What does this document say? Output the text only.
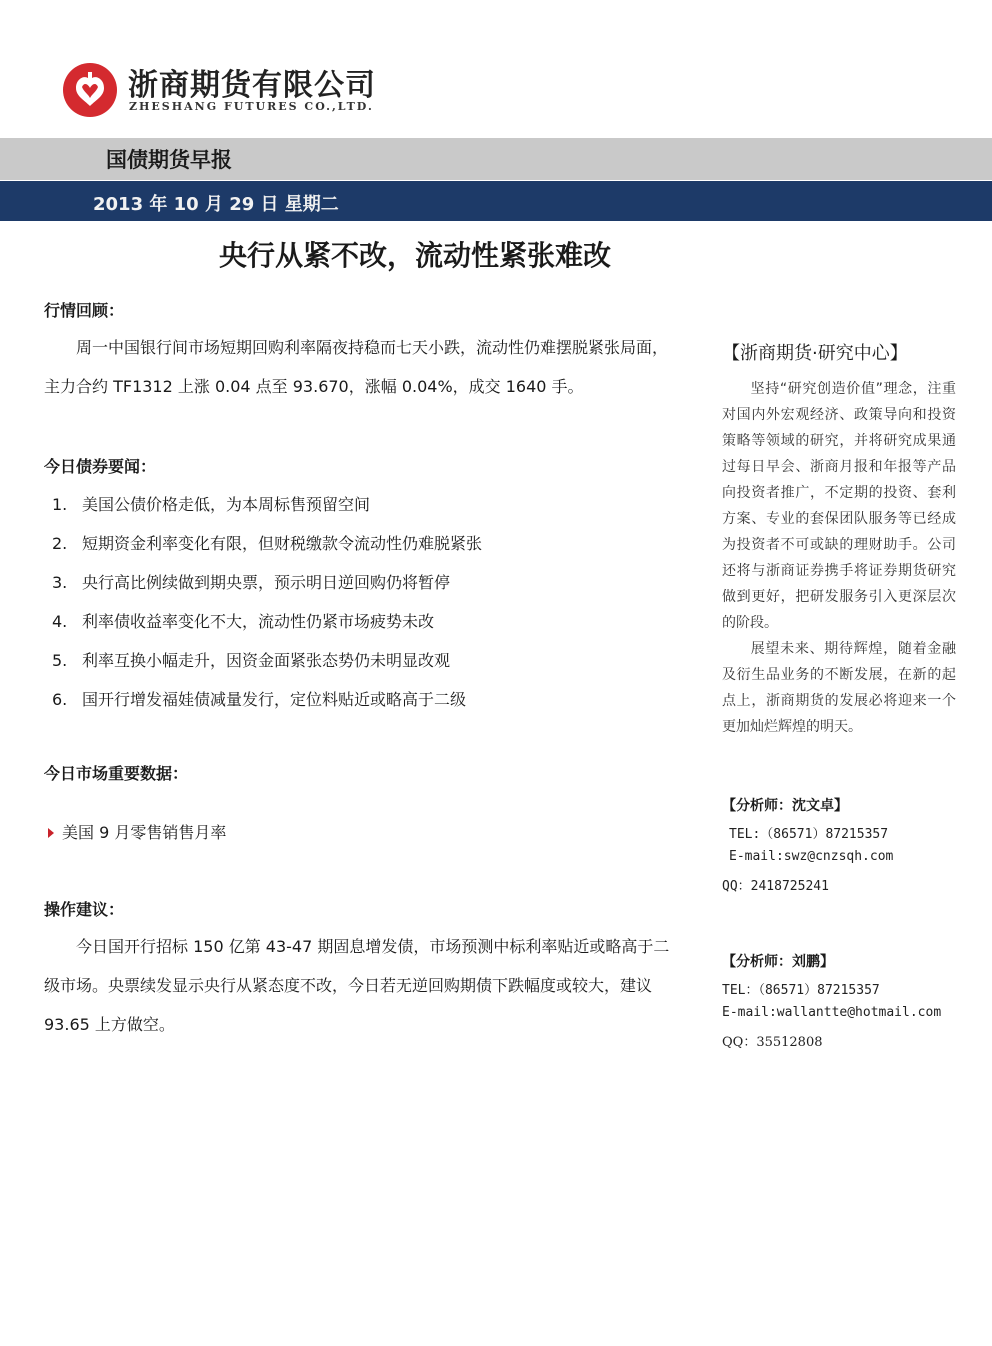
浙商期货有限公司
ZHESHANG FUTURES CO.,LTD.
国债期货早报
2013 年 10 月 29 日 星期二
央行从紧不改，流动性紧张难改
行情回顾：
周一中国银行间市场短期回购利率隔夜持稳而七天小跌，流动性仍难摆脱紧张局面，主力合约 TF1312 上涨 0.04 点至 93.670，涨幅 0.04%，成交 1640 手。
今日债券要闻：
1. 美国公债价格走低，为本周标售预留空间
2. 短期资金利率变化有限，但财税缴款令流动性仍难脱紧张
3. 央行高比例续做到期央票，预示明日逆回购仍将暂停
4. 利率债收益率变化不大，流动性仍紧市场疲势未改
5. 利率互换小幅走升，因资金面紧张态势仍未明显改观
6. 国开行增发福娃债减量发行，定位料贴近或略高于二级
今日市场重要数据：
美国 9 月零售销售月率
操作建议：
今日国开行招标 150 亿第 43-47 期固息增发债，市场预测中标利率贴近或略高于二级市场。央票续发显示央行从紧态度不改，今日若无逆回购期债下跌幅度或较大，建议 93.65 上方做空。
【浙商期货·研究中心】
坚持“研究创造价值”理念，注重对国内外宏观经济、政策导向和投资策略等领域的研究，并将研究成果通过每日早会、浙商月报和年报等产品向投资者推广，不定期的投资、套利方案、专业的套保团队服务等已经成为投资者不可或缺的理财助手。公司还将与浙商证券携手将证券期货研究做到更好，把研发服务引入更深层次的阶段。
展望未来、期待辉煌，随着金融及衍生品业务的不断发展，在新的起点上，浙商期货的发展必将迎来一个更加灿烂辉煌的明天。
【分析师：沈文卓】
TEL:（86571）87215357
E-mail:swz@cnzsqh.com
QQ：2418725241
【分析师：刘鹏】
TEL：（86571）87215357
E-mail:wallantte@hotmail.com
QQ：35512808
